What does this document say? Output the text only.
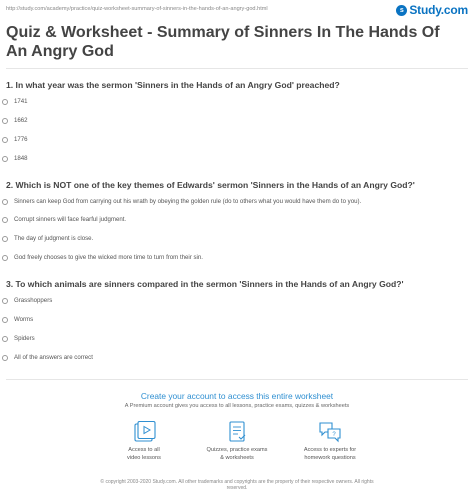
http://study.com/academy/practice/quiz-worksheet-summary-of-sinners-in-the-hands-of-an-angry-god.html	s Study.com
Quiz & Worksheet - Summary of Sinners In The Hands Of
An Angry God
1. In what year was the sermon 'Sinners in the Hands of an Angry God' preached?
1741
1662
1776
1848
2. Which is NOT one of the key themes of Edwards' sermon 'Sinners in the Hands of an Angry God?'
Sinners can keep God from carrying out his wrath by obeying the golden rule (do to others what you would have them do to you).
Corrupt sinners will face fearful judgment.
The day of judgment is close.
God freely chooses to give the wicked more time to turn from their sin.
3. To which animals are sinners compared in the sermon 'Sinners in the Hands of an Angry God?'
Grasshoppers
Worms
Spiders
All of the answers are correct
Create your account to access this entire worksheet
A Premium account gives you access to all lessons, practice exams, quizzes & worksheets
Access to all
video lessons
Quizzes, practice exams
& worksheets
?
Access to experts for
homework questions
© copyright 2003-2020 Study.com. All other trademarks and copyrights are the property of their respective owners. All rights
reserved.
